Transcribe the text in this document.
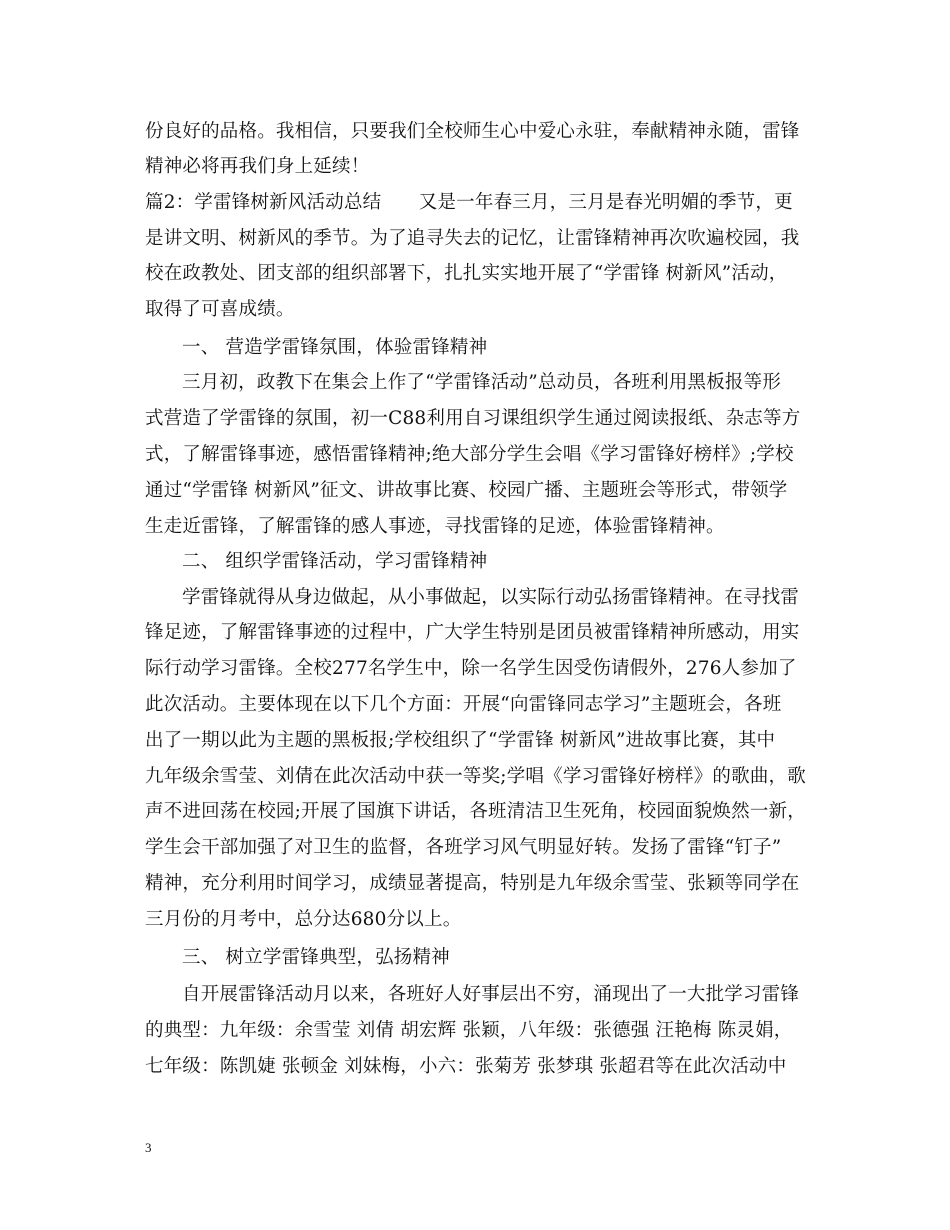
份良好的品格。我相信，只要我们全校师生心中爱心永驻，奉献精神永随，雷锋
精神必将再我们身上延续！
篇2：学雷锋树新风活动总结　　又是一年春三月，三月是春光明媚的季节，更
是讲文明、树新风的季节。为了追寻失去的记忆，让雷锋精神再次吹遍校园，我
校在政教处、团支部的组织部署下，扎扎实实地开展了“学雷锋 树新风”活动，
取得了可喜成绩。
一、 营造学雷锋氛围，体验雷锋精神
三月初，政教下在集会上作了“学雷锋活动”总动员，各班利用黑板报等形
式营造了学雷锋的氛围，初一C88利用自习课组织学生通过阅读报纸、杂志等方
式，了解雷锋事迹，感悟雷锋精神;绝大部分学生会唱《学习雷锋好榜样》;学校
通过“学雷锋 树新风”征文、讲故事比赛、校园广播、主题班会等形式，带领学
生走近雷锋，了解雷锋的感人事迹，寻找雷锋的足迹，体验雷锋精神。
二、 组织学雷锋活动，学习雷锋精神
学雷锋就得从身边做起，从小事做起，以实际行动弘扬雷锋精神。在寻找雷
锋足迹，了解雷锋事迹的过程中，广大学生特别是团员被雷锋精神所感动，用实
际行动学习雷锋。全校277名学生中，除一名学生因受伤请假外，276人参加了
此次活动。主要体现在以下几个方面：开展“向雷锋同志学习”主题班会，各班
出了一期以此为主题的黑板报;学校组织了“学雷锋 树新风”进故事比赛，其中
九年级余雪莹、刘倩在此次活动中获一等奖;学唱《学习雷锋好榜样》的歌曲，歌
声不进回荡在校园;开展了国旗下讲话，各班清洁卫生死角，校园面貌焕然一新，
学生会干部加强了对卫生的监督，各班学习风气明显好转。发扬了雷锋“钉子”
精神，充分利用时间学习，成绩显著提高，特别是九年级余雪莹、张颖等同学在
三月份的月考中，总分达680分以上。
三、 树立学雷锋典型，弘扬精神
自开展雷锋活动月以来，各班好人好事层出不穷，涌现出了一大批学习雷锋
的典型：九年级：余雪莹 刘倩 胡宏辉 张颖，八年级：张德强 汪艳梅 陈灵娟，
七年级：陈凯婕 张顿金 刘妹梅，小六：张菊芳 张梦琪 张超君等在此次活动中
3
